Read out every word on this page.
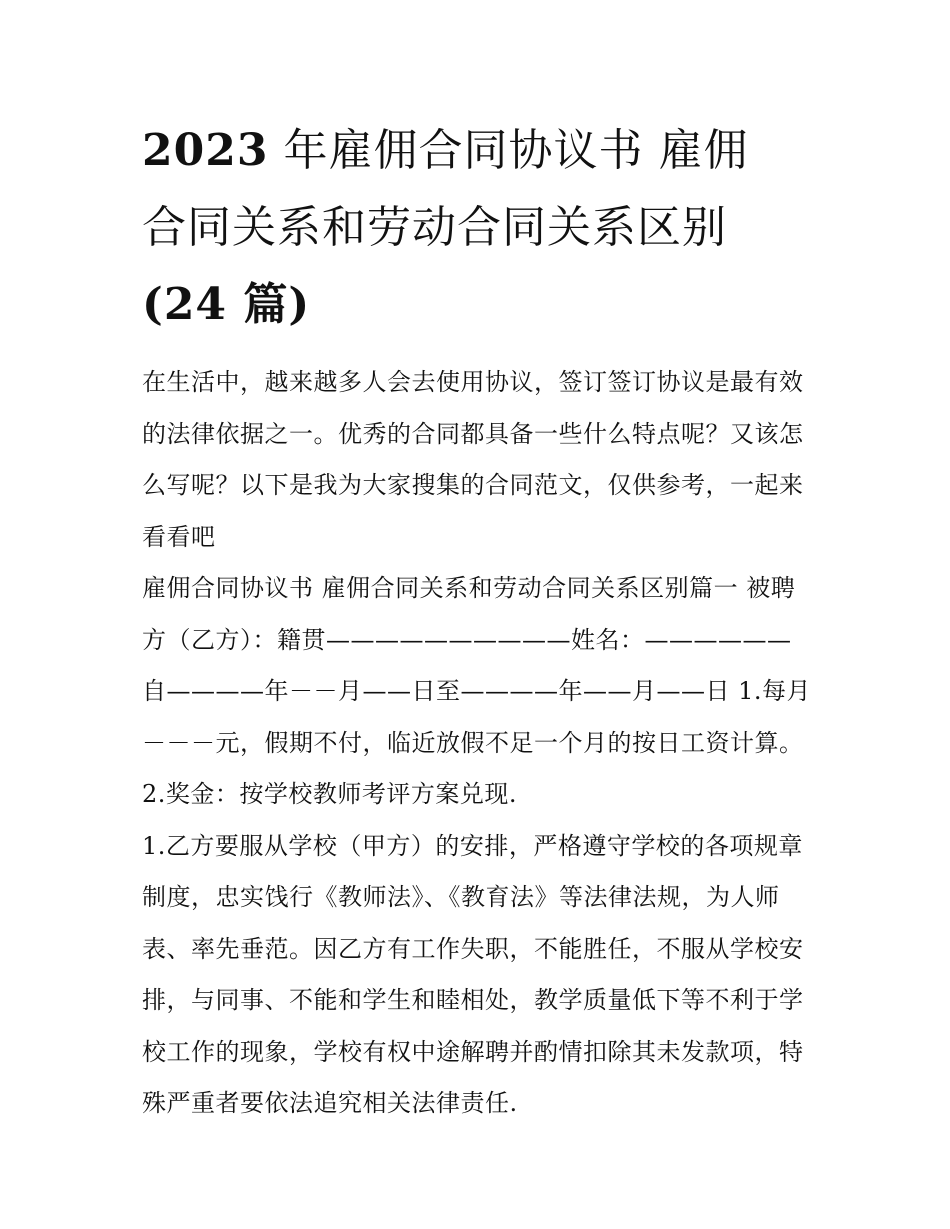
2023 年雇佣合同协议书 雇佣
合同关系和劳动合同关系区别
(24 篇)

在生活中，越来越多人会去使用协议，签订签订协议是最有效的法律依据之一。优秀的合同都具备一些什么特点呢？又该怎么写呢？以下是我为大家搜集的合同范文，仅供参考，一起来看看吧

雇佣合同协议书 雇佣合同关系和劳动合同关系区别篇一 被聘方（乙方）：籍贯——————————姓名：——————自————年－－月——日至————年——月——日 1.每月－－－元，假期不付，临近放假不足一个月的按日工资计算。

2.奖金：按学校教师考评方案兑现.

1.乙方要服从学校（甲方）的安排，严格遵守学校的各项规章制度，忠实饯行《教师法》、《教育法》等法律法规，为人师表、率先垂范。因乙方有工作失职，不能胜任，不服从学校安排，与同事、不能和学生和睦相处，教学质量低下等不利于学校工作的现象，学校有权中途解聘并酌情扣除其未发款项，特殊严重者要依法追究相关法律责任.
